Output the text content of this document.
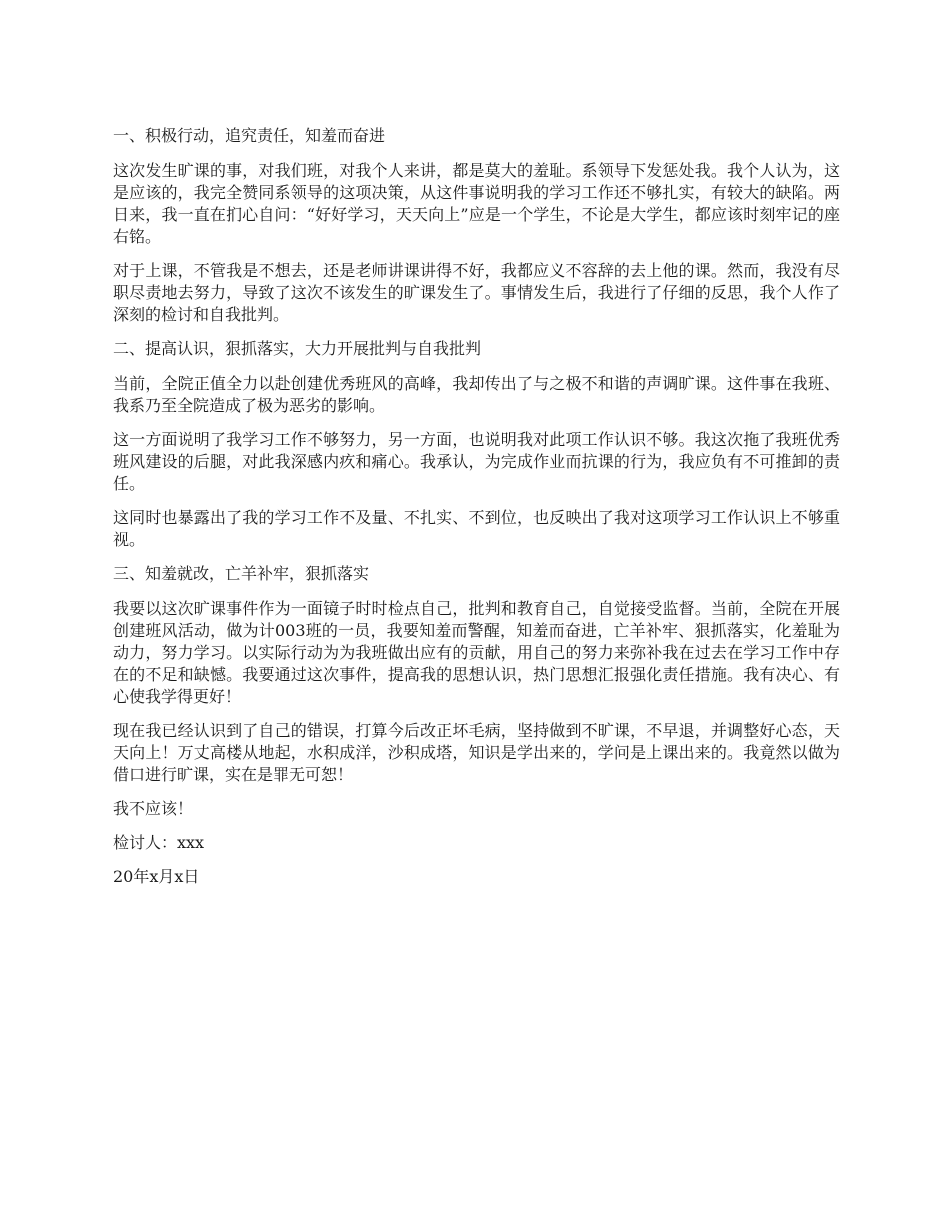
一、积极行动，追究责任，知羞而奋进

这次发生旷课的事，对我们班，对我个人来讲，都是莫大的羞耻。系领导下发惩处我。我个人认为，这是应该的，我完全赞同系领导的这项决策，从这件事说明我的学习工作还不够扎实，有较大的缺陷。两日来，我一直在扪心自问：“好好学习，天天向上”应是一个学生，不论是大学生，都应该时刻牢记的座右铭。

对于上课，不管我是不想去，还是老师讲课讲得不好，我都应义不容辞的去上他的课。然而，我没有尽职尽责地去努力，导致了这次不该发生的旷课发生了。事情发生后，我进行了仔细的反思，我个人作了深刻的检讨和自我批判。

二、提高认识，狠抓落实，大力开展批判与自我批判

当前，全院正值全力以赴创建优秀班风的高峰，我却传出了与之极不和谐的声调旷课。这件事在我班、我系乃至全院造成了极为恶劣的影响。

这一方面说明了我学习工作不够努力，另一方面，也说明我对此项工作认识不够。我这次拖了我班优秀班风建设的后腿，对此我深感内疚和痛心。我承认，为完成作业而抗课的行为，我应负有不可推卸的责任。

这同时也暴露出了我的学习工作不及量、不扎实、不到位，也反映出了我对这项学习工作认识上不够重视。

三、知羞就改，亡羊补牢，狠抓落实

我要以这次旷课事件作为一面镜子时时检点自己，批判和教育自己，自觉接受监督。当前，全院在开展创建班风活动，做为计003班的一员，我要知羞而警醒，知羞而奋进，亡羊补牢、狠抓落实，化羞耻为动力，努力学习。以实际行动为为我班做出应有的贡献，用自己的努力来弥补我在过去在学习工作中存在的不足和缺憾。我要通过这次事件，提高我的思想认识，热门思想汇报强化责任措施。我有决心、有心使我学得更好！

现在我已经认识到了自己的错误，打算今后改正坏毛病，坚持做到不旷课，不早退，并调整好心态，天天向上！万丈高楼从地起，水积成洋，沙积成塔，知识是学出来的，学问是上课出来的。我竟然以做为借口进行旷课，实在是罪无可恕！

我不应该！

检讨人：xxx

20年x月x日
